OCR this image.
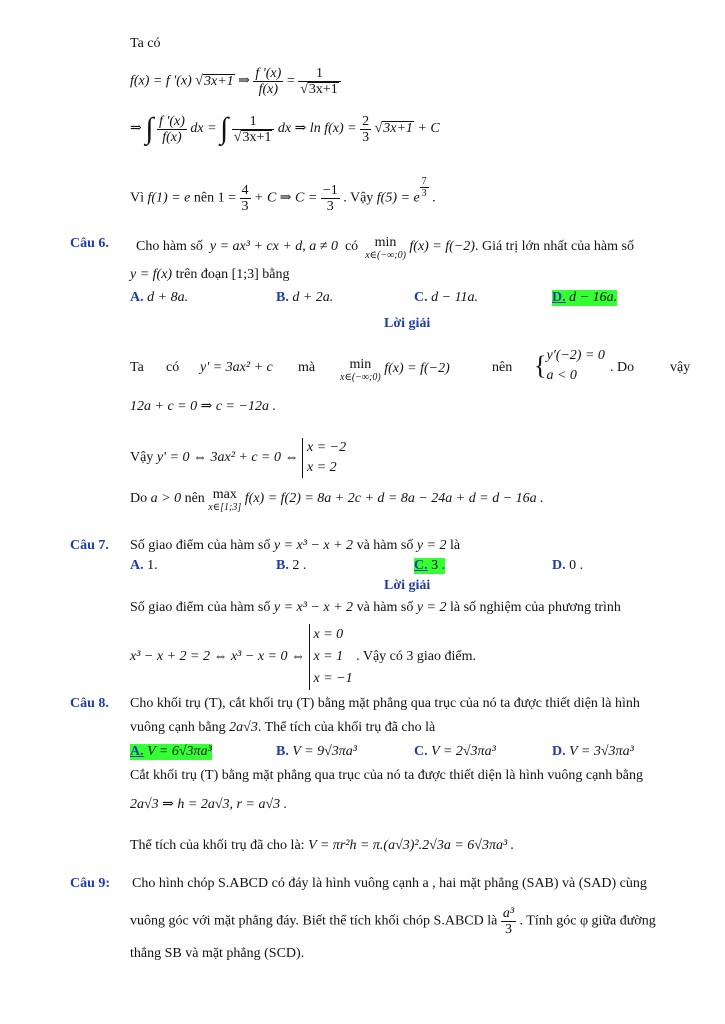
Ta có
f(x) = f '(x) √3x+1 ⇒ $\frac{f '(x)}{f(x)} = \frac{1}{√3x+1}$
⇒ ∫ $\frac{f '(x)}{f(x)}$ dx = ∫ $\frac{1}{√3x+1}$ dx ⇒ $\ln f(x) = \frac{2}{3} √3x+1 + C$
Vì f(1) = e nên $1 = \frac{4}{3} + C$ ⇒ $C = \frac{-1}{3}$ . Vậy f(5) = e $\frac{7}{3}$ .
Câu 6. Cho hàm số y = ax³ + cx + d, a ≠ 0 có	min
x∈(−∞;0)
f(x) = f(−2). Giá trị lớn nhất của hàm số
y = f(x) trên đoạn [1;3] bằng
A. d + 8a.	B. d + 2a.	C. d − 11a.	D. d − 16a.
Lời giải
Ta có y' = 3ax² + c mà	min
x∈(−∞;0)
f(x) = f(−2)	nên { y'(−2) = 0
a < 0
. Do	vậy
12a + c = 0 ⇒ c = −12a .
Vậy y' = 0 ⇔ 3ax² + c = 0 ⇔
x = −2
x = 2
Do a > 0 nên max
x∈[1;3]
f(x) = f(2) = 8a + 2c + d = 8a − 24a + d = d − 16a .
Câu 7. Số giao điểm của hàm số y = x³ − x + 2 và hàm số y = 2 là
A. 1.	B. 2 .	C. 3 .	D. 0 .
Lời giải
Số giao điểm của hàm số y = x³ − x + 2 và hàm số y = 2 là số nghiệm của phương trình
x³ − x + 2 = 2 ⇔ x³ − x = 0 ⇔
x = 0
x = 1
x = −1
. Vậy có 3 giao điểm.
Câu 8. Cho khối trụ (T), cắt khối trụ (T) bằng mặt phẳng qua trục của nó ta được thiết diện là hình
vuông cạnh bằng 2a√3. Thể tích của khối trụ đã cho là
A. V = 6√3πa³	B. V = 9√3πa³	C. V = 2√3πa³	D. V = 3√3πa³
Cắt khối trụ (T) bằng mặt phẳng qua trục của nó ta được thiết diện là hình vuông cạnh bằng
2a√3 ⇒ h = 2a√3, r = a√3 .
Thể tích của khối trụ đã cho là: V = πr²h = π.(a√3)².2√3a = 6√3πa³ .
Câu 9: Cho hình chóp S.ABCD có đáy là hình vuông cạnh a , hai mặt phẳng (SAB) và (SAD) cùng
vuông góc với mặt phẳng đáy. Biết thể tích khối chóp S.ABCD là $\frac{\text{a³}}{3}$ . Tính góc φ giữa đường
thẳng SB và mặt phẳng (SCD).
